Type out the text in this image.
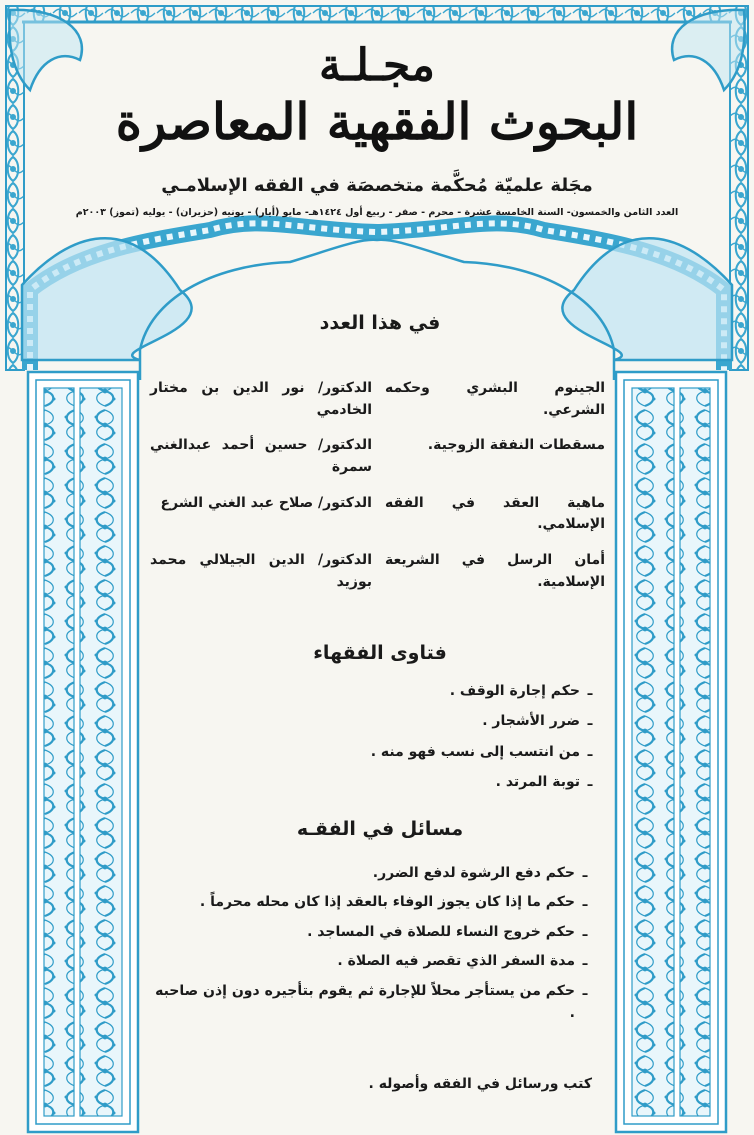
مجـلـة
البحوث الفقهية المعاصرة
مجَلة علميّة مُحكَّمة متخصصَة في الفقه الإسلامـي
العدد الثامن والخمسون- السنة الخامسة عشرة - محرم - صفر - ربيع أول ١٤٢٤هـ- مايو (أيار) - يونيه (حزيران) - يوليه (تموز) ٢٠٠٣م
في هذا العدد
الجينوم البشري وحكمه الشرعي.
الدكتور/ نور الدين بن مختار الخادمي
مسقطات النفقة الزوجية.
الدكتور/ حسين أحمد عبدالغني سمرة
ماهية العقد في الفقه الإسلامي.
الدكتور/ صلاح عبد الغني الشرع
أمان الرسل في الشريعة الإسلامية.
الدكتور/ الدين الجيلالي محمد بوزيد
فتاوى الفقهاء
ـ
حكم إجارة الوقف .
ـ
ضرر الأشجار .
ـ
من انتسب إلى نسب فهو منه .
ـ
توبة المرتد .
مسائل في الفقـه
ـ
حكم دفع الرشوة لدفع الضرر.
ـ
حكم ما إذا كان يجوز الوفاء بالعقد إذا كان محله محرماً .
ـ
حكم خروج النساء للصلاة في المساجد .
ـ
مدة السفر الذي تقصر فيه الصلاة .
ـ
حكم من يستأجر محلاً للإجارة ثم يقوم بتأجيره دون إذن صاحبه .
كتب ورسائل في الفقه وأصوله .
